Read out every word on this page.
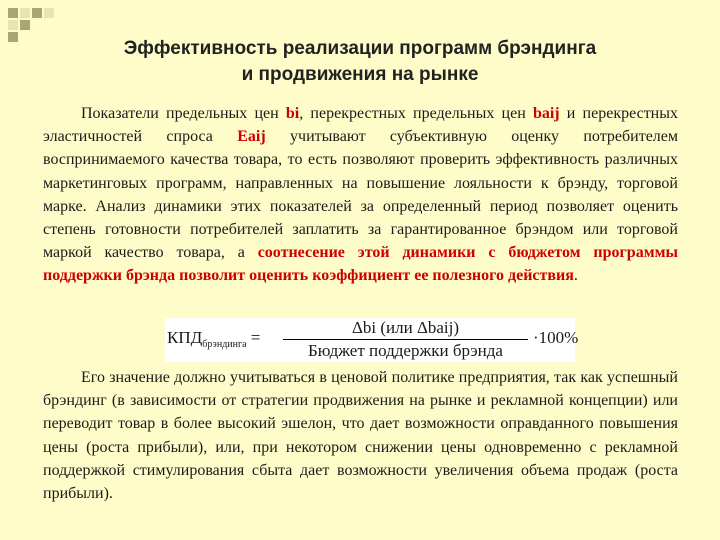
Эффективность реализации программ брэндинга
и продвижения на рынке
Показатели предельных цен bi, перекрестных предельных цен baij и перекрестных эластичностей спроса Eaij учитывают субъективную оценку потребителем воспринимаемого качества товара, то есть позволяют проверить эффективность различных маркетинговых программ, направленных на повышение лояльности к брэнду, торговой марке. Анализ динамики этих показателей за определенный период позволяет оценить степень готовности потребителей заплатить за гарантированное брэндом или торговой маркой качество товара, а соотнесение этой динамики с бюджетом программы поддержки брэнда позволит оценить коэффициент ее полезного действия.
$КПД_{брэндинга}$ =
Δbi (или Δbaij)
Бюджет поддержки брэнда
·100%
Его значение должно учитываться в ценовой политике предприятия, так как успешный брэндинг (в зависимости от стратегии продвижения на рынке и рекламной концепции) или переводит товар в более высокий эшелон, что дает возможности оправданного повышения цены (роста прибыли), или, при некотором снижении цены одновременно с рекламной поддержкой стимулирования сбыта дает возможности увеличения объема продаж (роста прибыли).
